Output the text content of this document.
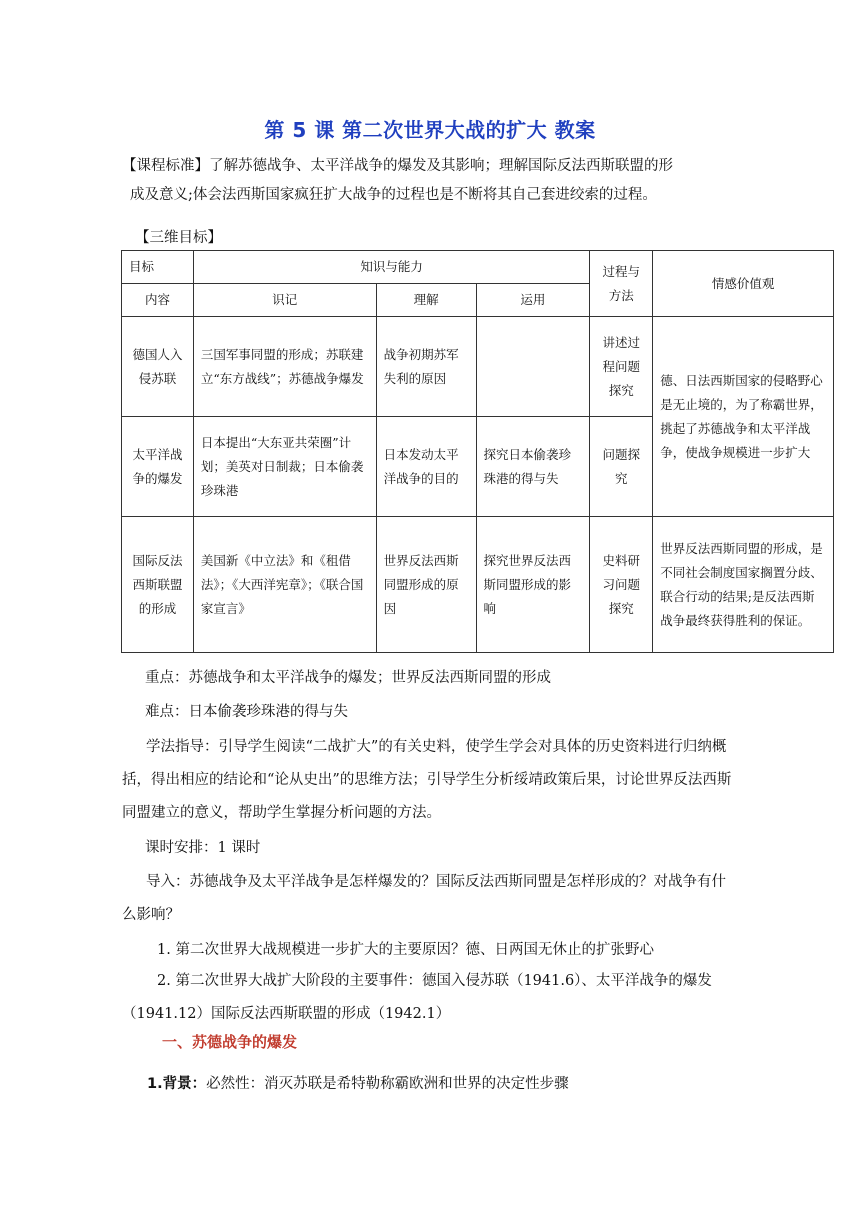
第 5 课 第二次世界大战的扩大 教案
【课程标准】了解苏德战争、太平洋战争的爆发及其影响；理解国际反法西斯联盟的形
成及意义;体会法西斯国家疯狂扩大战争的过程也是不断将其自己套进绞索的过程。
【三维目标】
目标	知识与能力			过程与方法	情感价值观
内容	识记	理解	运用		
德国人入侵苏联	三国军事同盟的形成；苏联建立“东方战线”；苏德战争爆发	战争初期苏军失利的原因		讲述过程问题探究	德、日法西斯国家的侵略野心是无止境的，为了称霸世界，挑起了苏德战争和太平洋战争，使战争规模进一步扩大
太平洋战争的爆发	日本提出“大东亚共荣圈”计划；美英对日制裁；日本偷袭珍珠港	日本发动太平洋战争的目的	探究日本偷袭珍珠港的得与失	问题探究	
国际反法西斯联盟的形成	美国新《中立法》和《租借法》；《大西洋宪章》；《联合国家宣言》	世界反法西斯同盟形成的原因	探究世界反法西斯同盟形成的影响	史料研习问题探究	世界反法西斯同盟的形成，是不同社会制度国家搁置分歧、联合行动的结果;是反法西斯战争最终获得胜利的保证。
重点：苏德战争和太平洋战争的爆发；世界反法西斯同盟的形成
难点：日本偷袭珍珠港的得与失
学法指导：引导学生阅读“二战扩大”的有关史料，使学生学会对具体的历史资料进行归纳概括，得出相应的结论和“论从史出”的思维方法；引导学生分析绥靖政策后果，讨论世界反法西斯同盟建立的意义，帮助学生掌握分析问题的方法。
课时安排：1 课时
导入：苏德战争及太平洋战争是怎样爆发的？国际反法西斯同盟是怎样形成的？对战争有什么影响？
1. 第二次世界大战规模进一步扩大的主要原因？德、日两国无休止的扩张野心
2. 第二次世界大战扩大阶段的主要事件：德国入侵苏联（1941.6）、太平洋战争的爆发（1941.12）国际反法西斯联盟的形成（1942.1）
一、苏德战争的爆发
1.背景：必然性：消灭苏联是希特勒称霸欧洲和世界的决定性步骤
